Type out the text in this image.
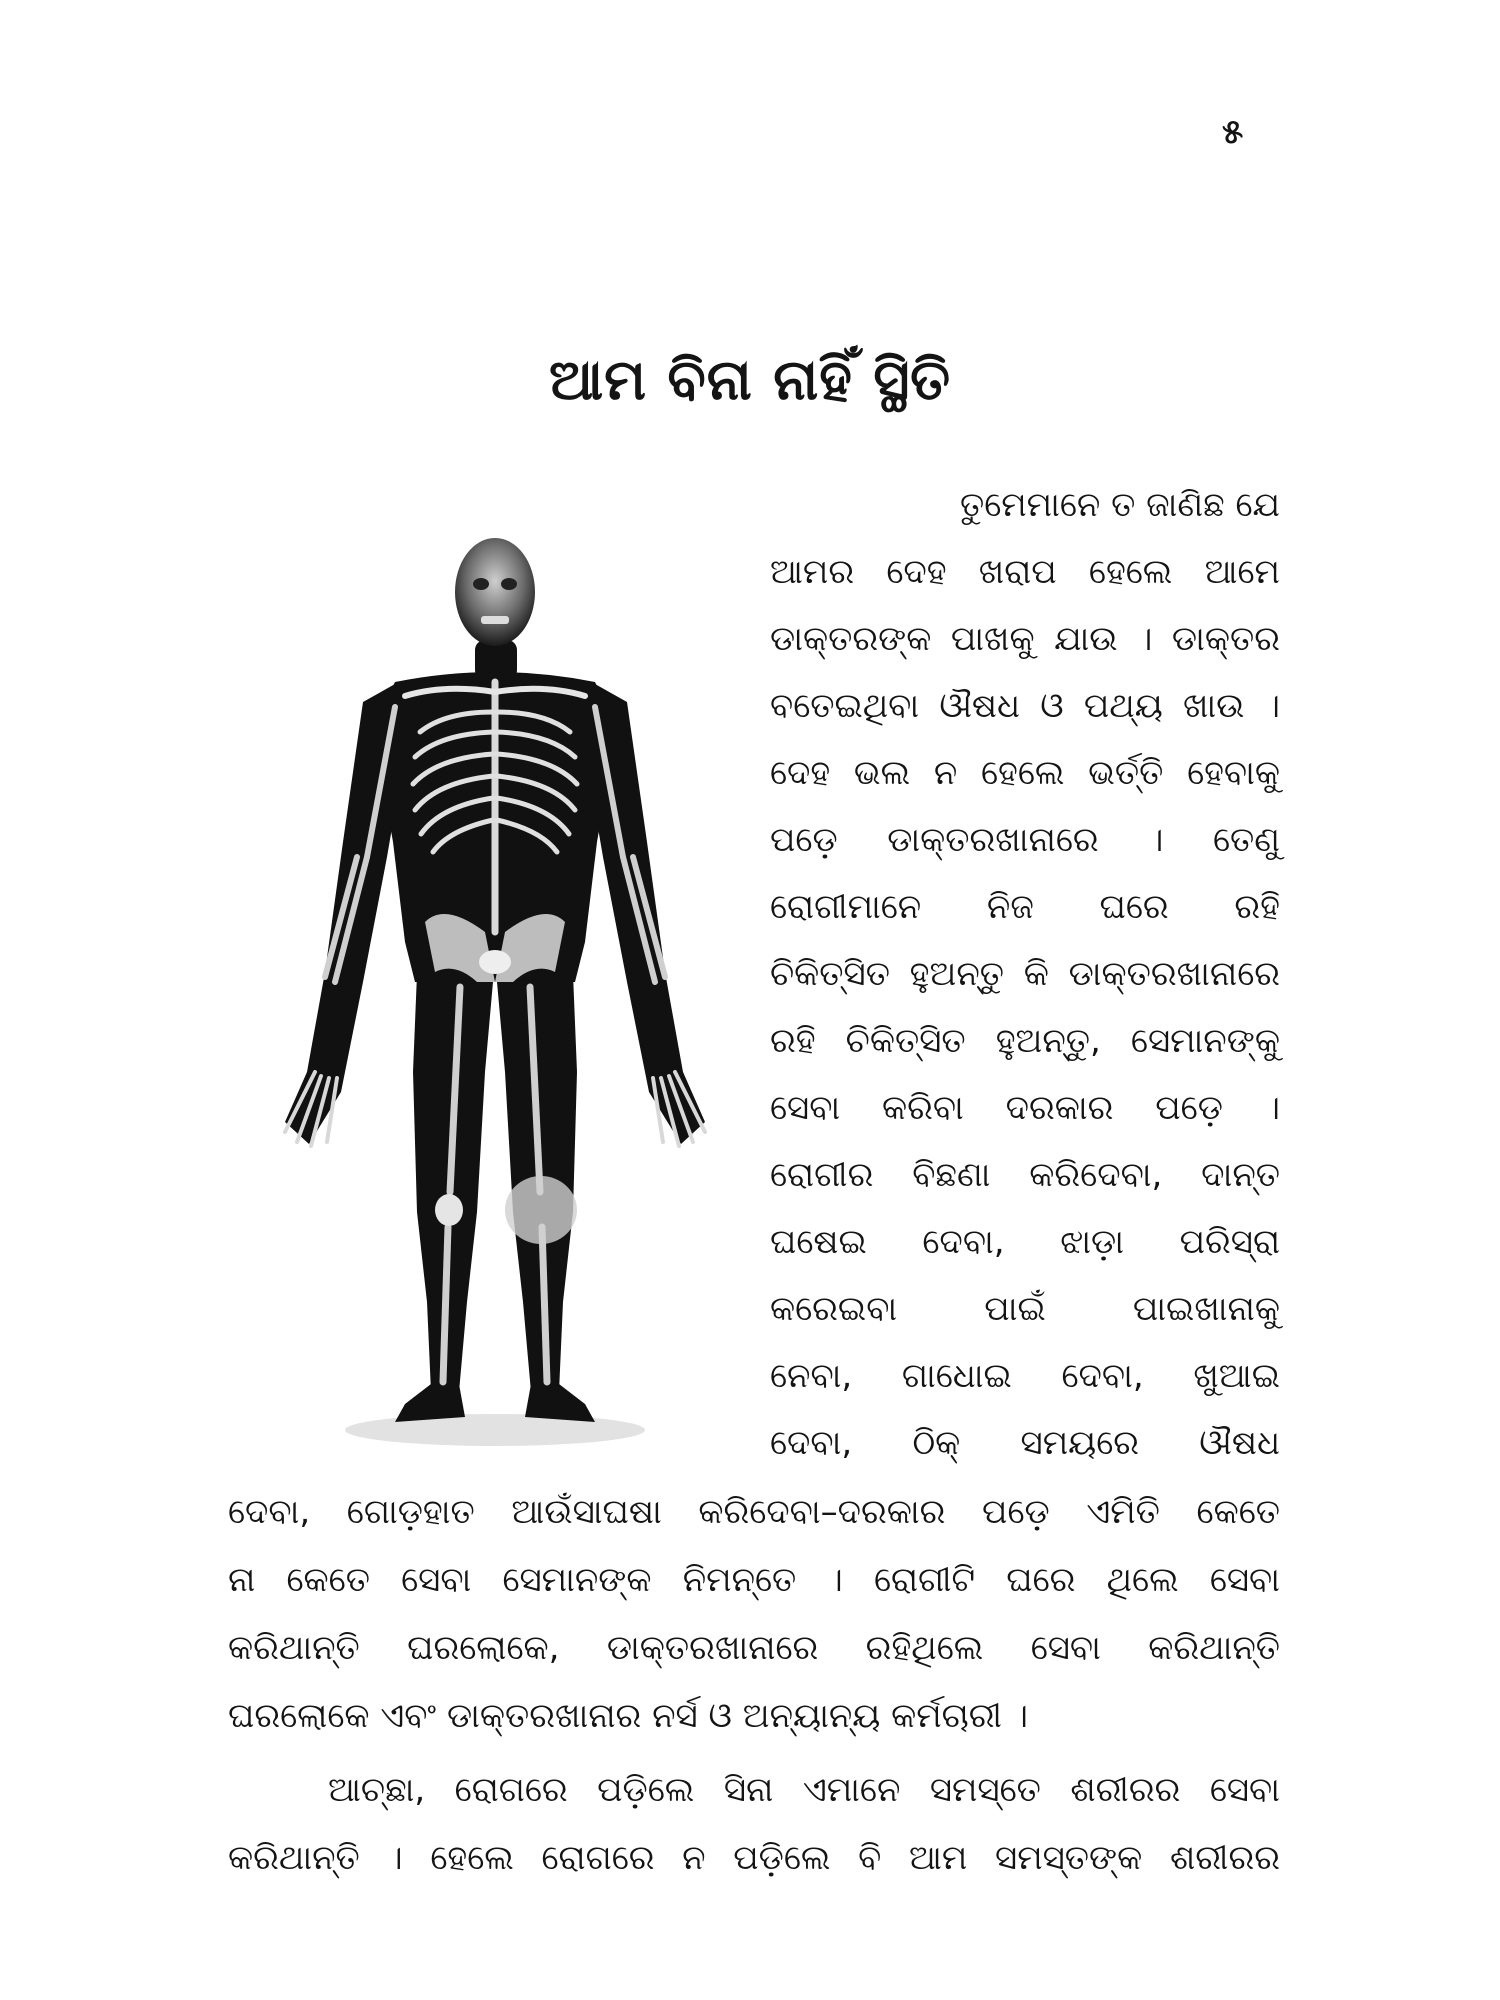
୫
ଆମ ବିନା ନାହିଁ ସ୍ଥିତି
ତୁମେମାନେ ତ ଜାଣିଛ ଯେ
ଆମର ଦେହ ଖରାପ ହେଲେ ଆମେ
ଡାକ୍ତରଙ୍କ ପାଖକୁ ଯାଉ । ଡାକ୍ତର
ବତେଇଥିବା ଔଷଧ ଓ ପଥ୍ୟ ଖାଉ ।
ଦେହ ଭଲ ନ ହେଲେ ଭର୍ତ୍ତି ହେବାକୁ
ପଡ଼େ ଡାକ୍ତରଖାନାରେ । ତେଣୁ
ରୋଗୀମାନେ ନିଜ ଘରେ ରହି
ଚିକିତ୍ସିତ ହୁଅନ୍ତୁ କି ଡାକ୍ତରଖାନାରେ
ରହି ଚିକିତ୍ସିତ ହୁଅନ୍ତୁ, ସେମାନଙ୍କୁ
ସେବା କରିବା ଦରକାର ପଡ଼େ ।
ରୋଗୀର ବିଛଣା କରିଦେବା, ଦାନ୍ତ
ଘଷେଇ ଦେବା, ଝାଡ଼ା ପରିସ୍ରା
କରେଇବା ପାଇଁ ପାଇଖାନାକୁ
ନେବା, ଗାଧୋଇ ଦେବା, ଖୁଆଇ
ଦେବା, ଠିକ୍ ସମୟରେ ଔଷଧ
ଦେବା, ଗୋଡ଼ହାତ ଆଉଁସାଘଷା କରିଦେବା–ଦରକାର ପଡ଼େ ଏମିତି କେତେ
ନା କେତେ ସେବା ସେମାନଙ୍କ ନିମନ୍ତେ । ରୋଗୀଟି ଘରେ ଥିଲେ ସେବା
କରିଥାନ୍ତି ଘରଲୋକେ, ଡାକ୍ତରଖାନାରେ ରହିଥିଲେ ସେବା କରିଥାନ୍ତି
ଘରଲୋକେ ଏବଂ ଡାକ୍ତରଖାନାର ନର୍ସ ଓ ଅନ୍ୟାନ୍ୟ କର୍ମଚାରୀ ।
ଆଚ୍ଛା, ରୋଗରେ ପଡ଼ିଲେ ସିନା ଏମାନେ ସମସ୍ତେ ଶରୀରର ସେବା
କରିଥାନ୍ତି । ହେଲେ ରୋଗରେ ନ ପଡ଼ିଲେ ବି ଆମ ସମସ୍ତଙ୍କ ଶରୀରର
